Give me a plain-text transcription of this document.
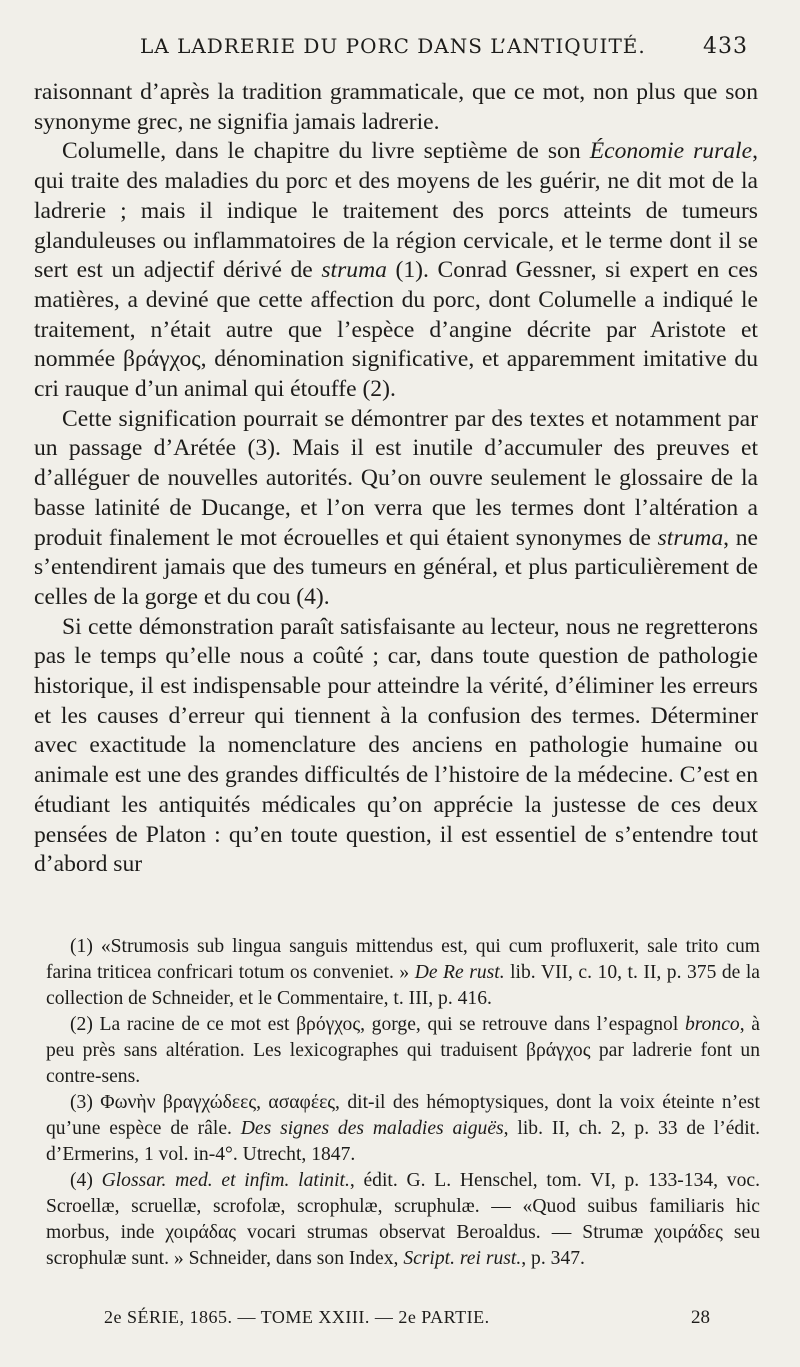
LA LADRERIE DU PORC DANS L’ANTIQUITÉ.	433

raisonnant d’après la tradition grammaticale, que ce mot, non plus que son synonyme grec, ne signifia jamais ladrerie.

Columelle, dans le chapitre du livre septième de son Économie rurale, qui traite des maladies du porc et des moyens de les guérir, ne dit mot de la ladrerie ; mais il indique le traitement des porcs atteints de tumeurs glanduleuses ou inflammatoires de la région cervicale, et le terme dont il se sert est un adjectif dérivé de struma (1). Conrad Gessner, si expert en ces matières, a deviné que cette affection du porc, dont Columelle a indiqué le traitement, n’était autre que l’espèce d’angine décrite par Aristote et nommée βράγχος, dénomination significative, et apparemment imitative du cri rauque d’un animal qui étouffe (2).

Cette signification pourrait se démontrer par des textes et notamment par un passage d’Arétée (3). Mais il est inutile d’accumuler des preuves et d’alléguer de nouvelles autorités. Qu’on ouvre seulement le glossaire de la basse latinité de Ducange, et l’on verra que les termes dont l’altération a produit finalement le mot écrouelles et qui étaient synonymes de struma, ne s’entendirent jamais que des tumeurs en général, et plus particulièrement de celles de la gorge et du cou (4).

Si cette démonstration paraît satisfaisante au lecteur, nous ne regretterons pas le temps qu’elle nous a coûté ; car, dans toute question de pathologie historique, il est indispensable pour atteindre la vérité, d’éliminer les erreurs et les causes d’erreur qui tiennent à la confusion des termes. Déterminer avec exactitude la nomenclature des anciens en pathologie humaine ou animale est une des grandes difficultés de l’histoire de la médecine. C’est en étudiant les antiquités médicales qu’on apprécie la justesse de ces deux pensées de Platon : qu’en toute question, il est essentiel de s’entendre tout d’abord sur

(1) «Strumosis sub lingua sanguis mittendus est, qui cum profluxerit, sale trito cum farina triticea confricari totum os conveniet. » De Re rust. lib. VII, c. 10, t. II, p. 375 de la collection de Schneider, et le Commentaire, t. III, p. 416.

(2) La racine de ce mot est βρόγχος, gorge, qui se retrouve dans l’espagnol bronco, à peu près sans altération. Les lexicographes qui traduisent βράγχος par ladrerie font un contre-sens.

(3) Φωνὴν βραγχώδεες, ασαφέες, dit-il des hémoptysiques, dont la voix éteinte n’est qu’une espèce de râle. Des signes des maladies aiguës, lib. II, ch. 2, p. 33 de l’édit. d’Ermerins, 1 vol. in-4°. Utrecht, 1847.

(4) Glossar. med. et infim. latinit., édit. G. L. Henschel, tom. VI, p. 133-134, voc. Scroellæ, scruellæ, scrofolæ, scrophulæ, scruphulæ. — «Quod suibus familiaris hic morbus, inde χοιράδας vocari strumas observat Beroaldus. — Strumæ χοιράδες seu scrophulæ sunt. » Schneider, dans son Index, Script. rei rust., p. 347.

2e SÉRIE, 1865. — TOME XXIII. — 2e PARTIE.	28
